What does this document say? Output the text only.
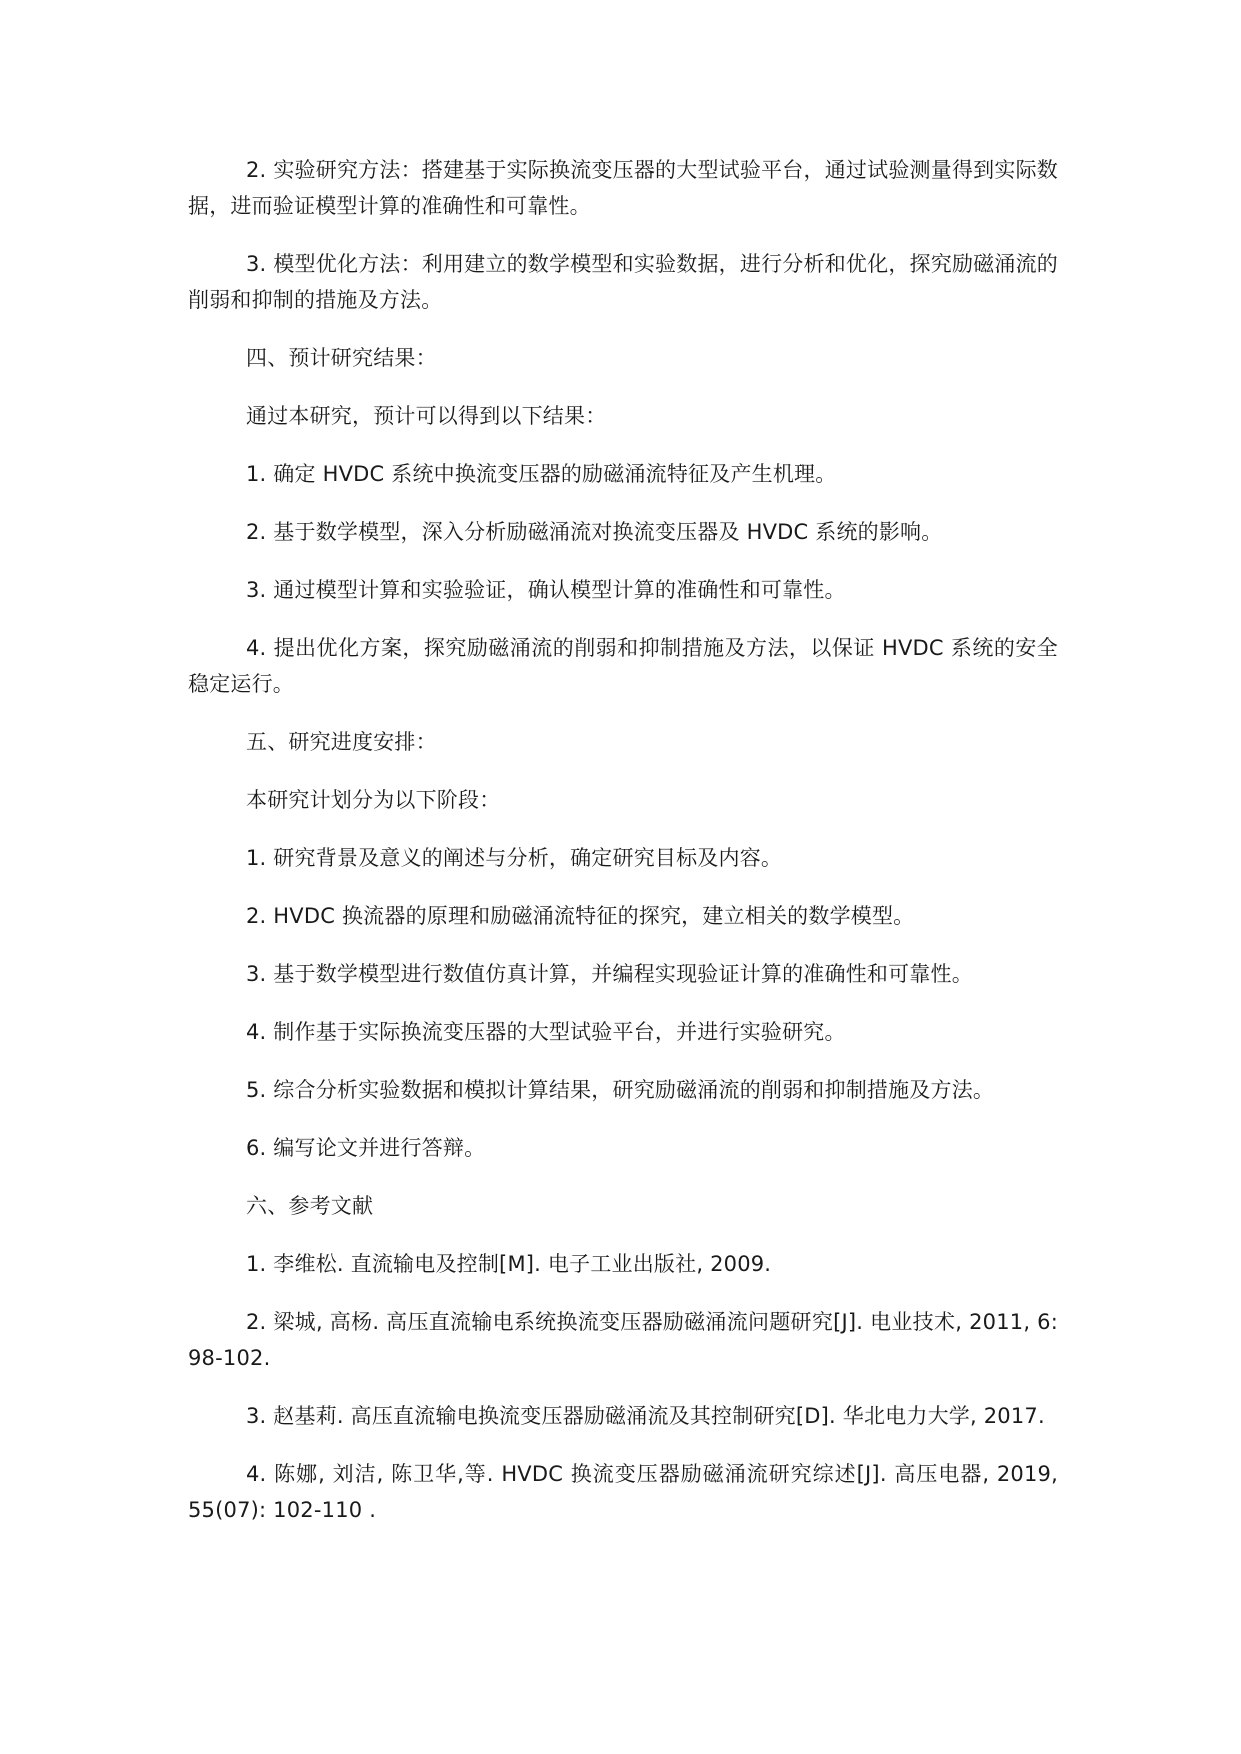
2. 实验研究方法：搭建基于实际换流变压器的大型试验平台，通过试验测量得到实际数据，进而验证模型计算的准确性和可靠性。

3. 模型优化方法：利用建立的数学模型和实验数据，进行分析和优化，探究励磁涌流的削弱和抑制的措施及方法。

四、预计研究结果：

通过本研究，预计可以得到以下结果：

1. 确定 HVDC 系统中换流变压器的励磁涌流特征及产生机理。

2. 基于数学模型，深入分析励磁涌流对换流变压器及 HVDC 系统的影响。

3. 通过模型计算和实验验证，确认模型计算的准确性和可靠性。

4. 提出优化方案，探究励磁涌流的削弱和抑制措施及方法，以保证 HVDC 系统的安全稳定运行。

五、研究进度安排：

本研究计划分为以下阶段：

1. 研究背景及意义的阐述与分析，确定研究目标及内容。

2. HVDC 换流器的原理和励磁涌流特征的探究，建立相关的数学模型。

3. 基于数学模型进行数值仿真计算，并编程实现验证计算的准确性和可靠性。

4. 制作基于实际换流变压器的大型试验平台，并进行实验研究。

5. 综合分析实验数据和模拟计算结果，研究励磁涌流的削弱和抑制措施及方法。

6. 编写论文并进行答辩。

六、参考文献

1. 李维松. 直流输电及控制[M]. 电子工业出版社, 2009.

2. 梁城, 高杨. 高压直流输电系统换流变压器励磁涌流问题研究[J]. 电业技术, 2011, 6: 98-102.

3. 赵基莉. 高压直流输电换流变压器励磁涌流及其控制研究[D]. 华北电力大学, 2017.

4. 陈娜, 刘洁, 陈卫华,等. HVDC 换流变压器励磁涌流研究综述[J]. 高压电器, 2019, 55(07): 102-110 .
